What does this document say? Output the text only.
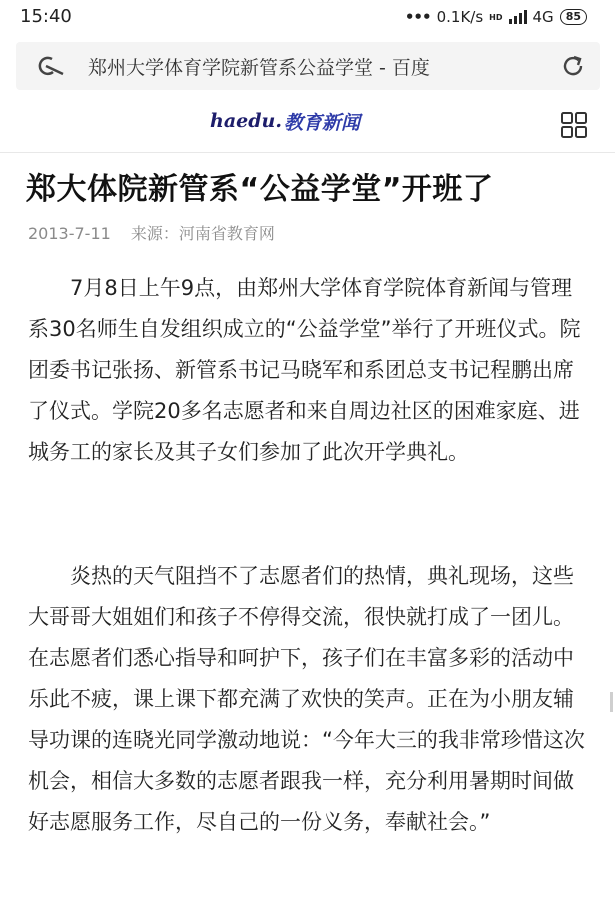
15:40	••• 0.1K/s HD 4G	85
郑州大学体育学院新管系公益学堂 - 百度
haedu. 教育新闻
郑大体院新管系“公益学堂”开班了
2013-7-11 来源：河南省教育网

7月8日上午9点，由郑州大学体育学院体育新闻与管理系30名师生自发组织成立的“公益学堂”举行了开班仪式。院团委书记张扬、新管系书记马晓军和系团总支书记程鹏出席了仪式。学院20多名志愿者和来自周边社区的困难家庭、进城务工的家长及其子女们参加了此次开学典礼。

炎热的天气阻挡不了志愿者们的热情，典礼现场，这些大哥哥大姐姐们和孩子不停得交流，很快就打成了一团儿。在志愿者们悉心指导和呵护下，孩子们在丰富多彩的活动中乐此不疲，课上课下都充满了欢快的笑声。正在为小朋友辅导功课的连晓光同学激动地说：“今年大三的我非常珍惜这次机会，相信大多数的志愿者跟我一样，充分利用暑期时间做好志愿服务工作，尽自己的一份义务，奉献社会。”
